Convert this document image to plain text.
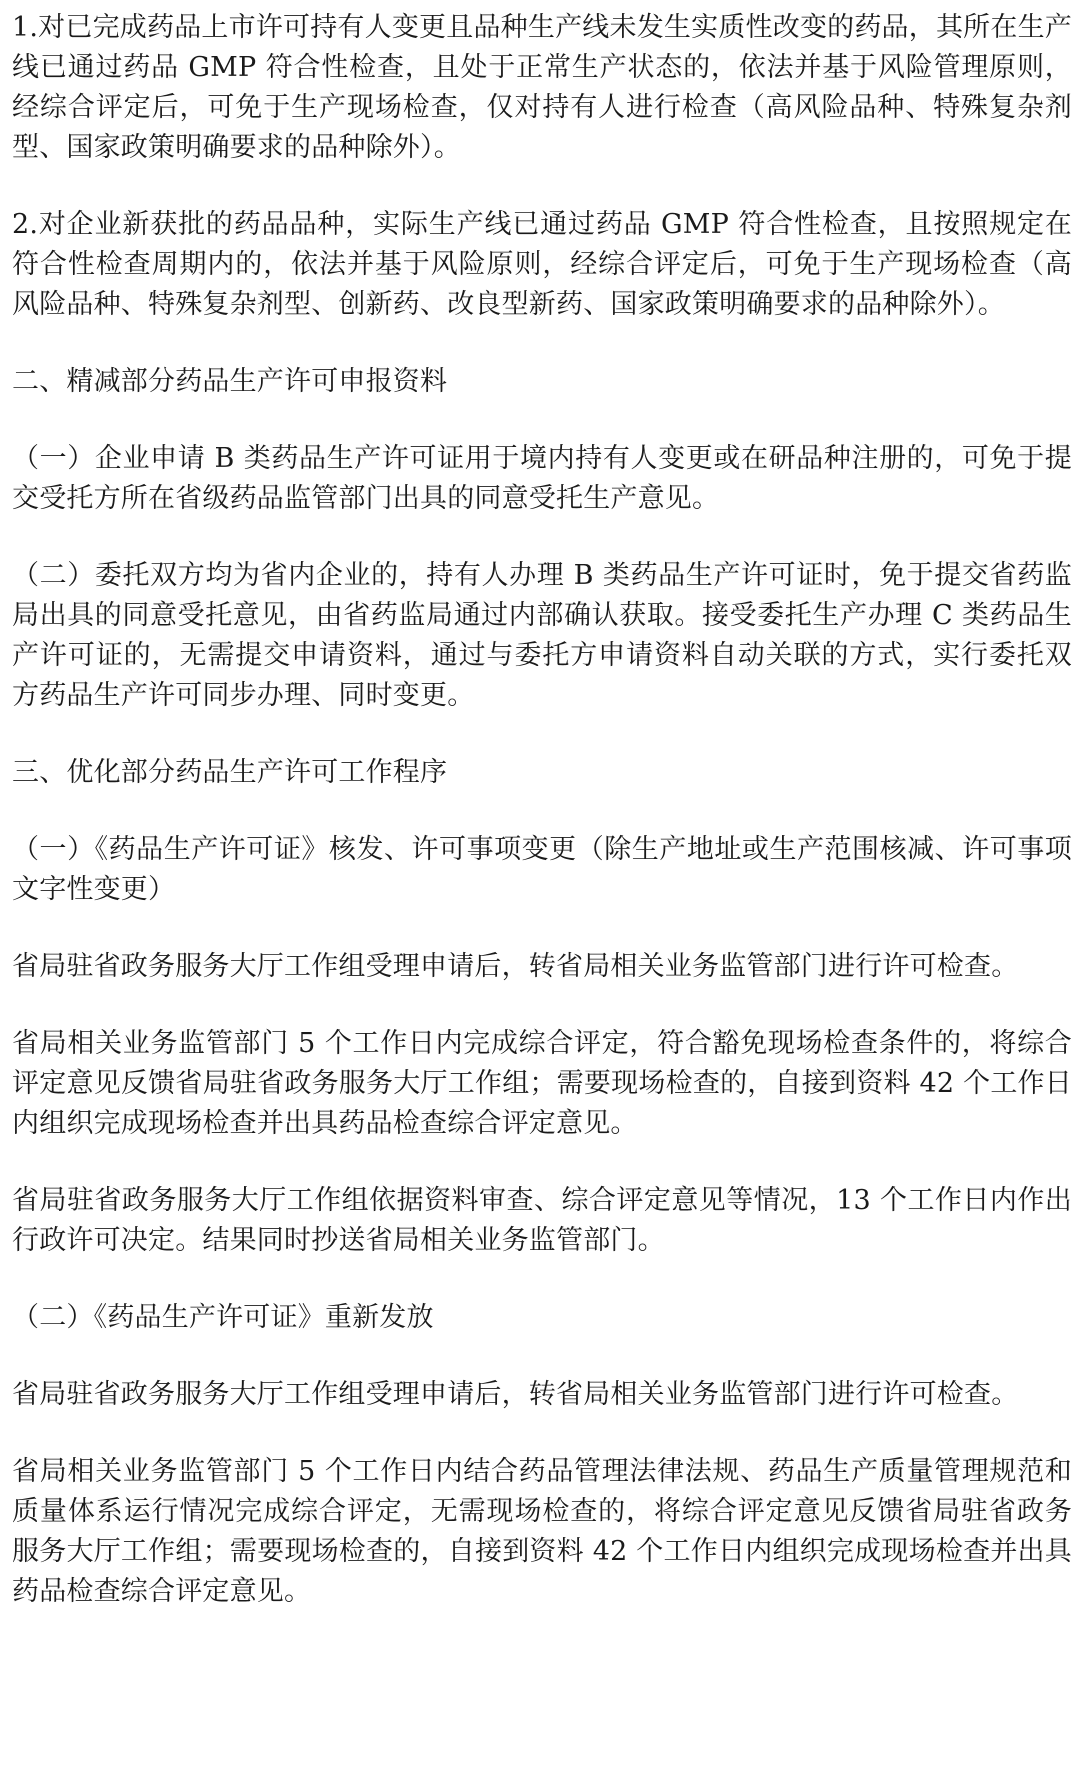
1.对已完成药品上市许可持有人变更且品种生产线未发生实质性改变的药品，其所在生产线已通过药品 GMP 符合性检查，且处于正常生产状态的，依法并基于风险管理原则，经综合评定后，可免于生产现场检查，仅对持有人进行检查（高风险品种、特殊复杂剂型、国家政策明确要求的品种除外）。

2.对企业新获批的药品品种，实际生产线已通过药品 GMP 符合性检查，且按照规定在符合性检查周期内的，依法并基于风险原则，经综合评定后，可免于生产现场检查（高风险品种、特殊复杂剂型、创新药、改良型新药、国家政策明确要求的品种除外）。

二、精减部分药品生产许可申报资料

（一）企业申请 B 类药品生产许可证用于境内持有人变更或在研品种注册的，可免于提交受托方所在省级药品监管部门出具的同意受托生产意见。

（二）委托双方均为省内企业的，持有人办理 B 类药品生产许可证时，免于提交省药监局出具的同意受托意见，由省药监局通过内部确认获取。接受委托生产办理 C 类药品生产许可证的，无需提交申请资料，通过与委托方申请资料自动关联的方式，实行委托双方药品生产许可同步办理、同时变更。

三、优化部分药品生产许可工作程序

（一）《药品生产许可证》核发、许可事项变更（除生产地址或生产范围核减、许可事项文字性变更）

省局驻省政务服务大厅工作组受理申请后，转省局相关业务监管部门进行许可检查。

省局相关业务监管部门 5 个工作日内完成综合评定，符合豁免现场检查条件的，将综合评定意见反馈省局驻省政务服务大厅工作组；需要现场检查的，自接到资料 42 个工作日内组织完成现场检查并出具药品检查综合评定意见。

省局驻省政务服务大厅工作组依据资料审查、综合评定意见等情况，13 个工作日内作出行政许可决定。结果同时抄送省局相关业务监管部门。

（二）《药品生产许可证》重新发放

省局驻省政务服务大厅工作组受理申请后，转省局相关业务监管部门进行许可检查。

省局相关业务监管部门 5 个工作日内结合药品管理法律法规、药品生产质量管理规范和质量体系运行情况完成综合评定，无需现场检查的，将综合评定意见反馈省局驻省政务服务大厅工作组；需要现场检查的，自接到资料 42 个工作日内组织完成现场检查并出具药品检查综合评定意见。
